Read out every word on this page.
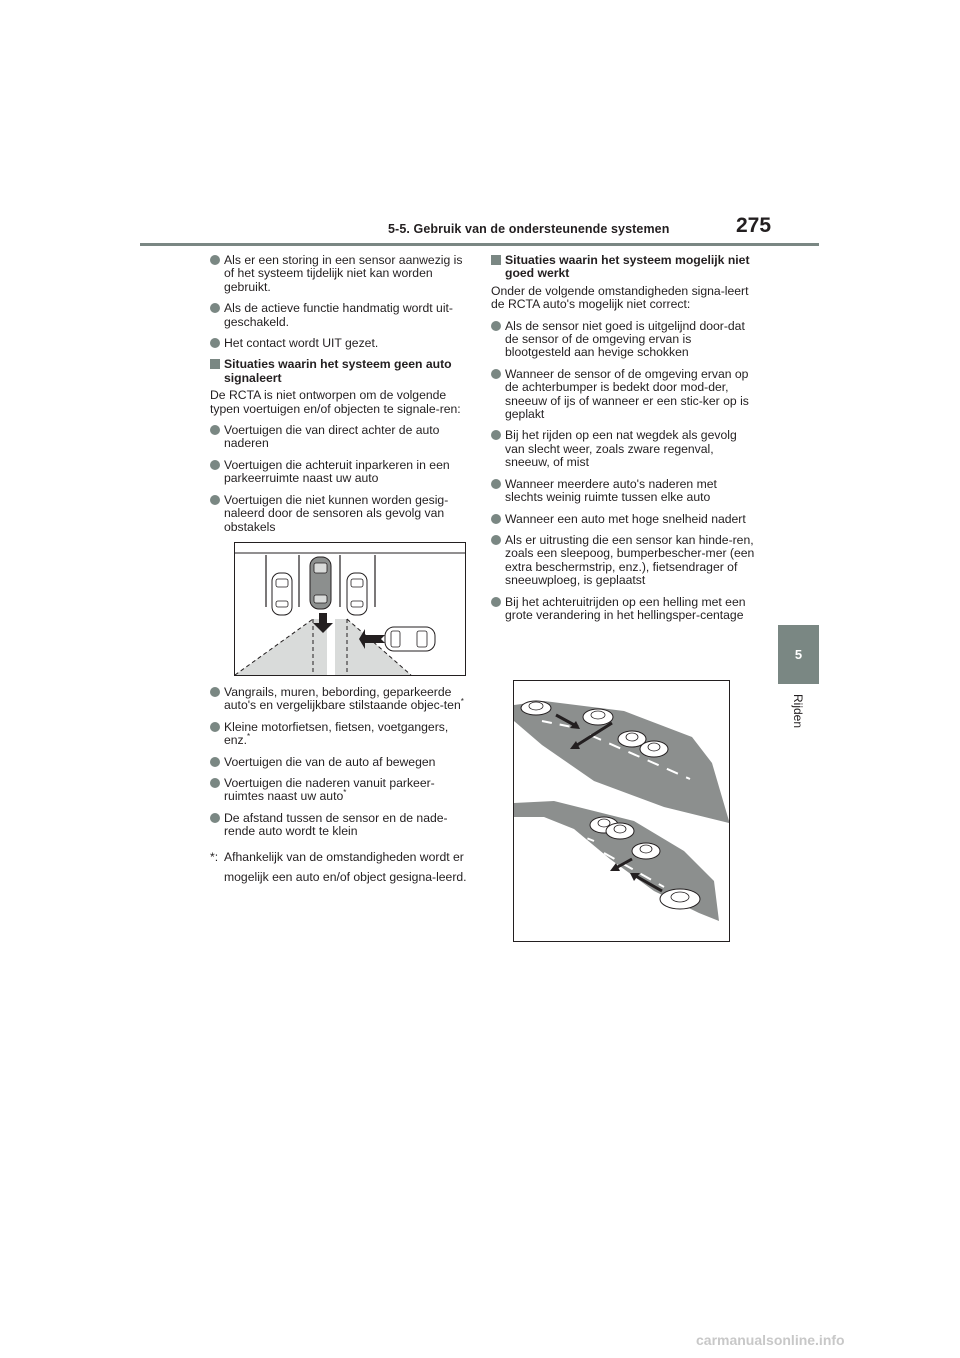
5-5. Gebruik van de ondersteunende systemen	275
5
Rijden
Als er een storing in een sensor aanwezig is of het systeem tijdelijk niet kan worden gebruikt.
Als de actieve functie handmatig wordt uit-geschakeld.
Het contact wordt UIT gezet.
Situaties waarin het systeem geen auto signaleert
De RCTA is niet ontworpen om de volgende typen voertuigen en/of objecten te signale-ren:
Voertuigen die van direct achter de auto naderen
Voertuigen die achteruit inparkeren in een parkeerruimte naast uw auto
Voertuigen die niet kunnen worden gesig-naleerd door de sensoren als gevolg van obstakels
Vangrails, muren, bebording, geparkeerde auto's en vergelijkbare stilstaande objec-ten*
Kleine motorfietsen, fietsen, voetgangers, enz.*
Voertuigen die van de auto af bewegen
Voertuigen die naderen vanuit parkeer-ruimtes naast uw auto*
De afstand tussen de sensor en de nade-rende auto wordt te klein
*: Afhankelijk van de omstandigheden wordt er mogelijk een auto en/of object gesigna-leerd.
Situaties waarin het systeem mogelijk niet goed werkt
Onder de volgende omstandigheden signa-leert de RCTA auto's mogelijk niet correct:
Als de sensor niet goed is uitgelijnd door-dat de sensor of de omgeving ervan is blootgesteld aan hevige schokken
Wanneer de sensor of de omgeving ervan op de achterbumper is bedekt door mod-der, sneeuw of ijs of wanneer er een stic-ker op is geplakt
Bij het rijden op een nat wegdek als gevolg van slecht weer, zoals zware regenval, sneeuw, of mist
Wanneer meerdere auto's naderen met slechts weinig ruimte tussen elke auto
Wanneer een auto met hoge snelheid nadert
Als er uitrusting die een sensor kan hinde-ren, zoals een sleepoog, bumperbescher-mer (een extra beschermstrip, enz.), fietsendrager of sneeuwploeg, is geplaatst
Bij het achteruitrijden op een helling met een grote verandering in het hellingsper-centage
carmanualsonline.info
